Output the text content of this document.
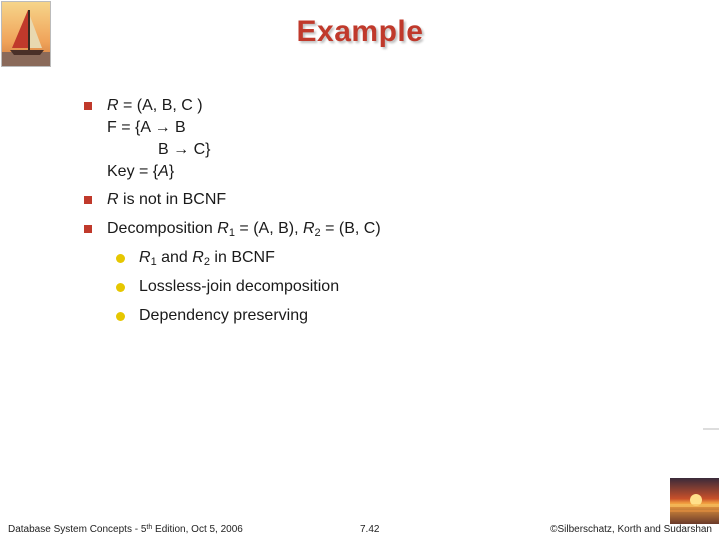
Example
R = (A, B, C )
F = {A → B
B → C}
Key = {A}
R is not in BCNF
Decomposition $R_1 = (A$, B), $R_2 = (B$, C)
$R_1$ and $R_2$ in BCNF
Lossless-join decomposition
Dependency preserving
Database System Concepts - 5th Edition, Oct 5, 2006	7.42	©Silberschatz, Korth and Sudarshan
